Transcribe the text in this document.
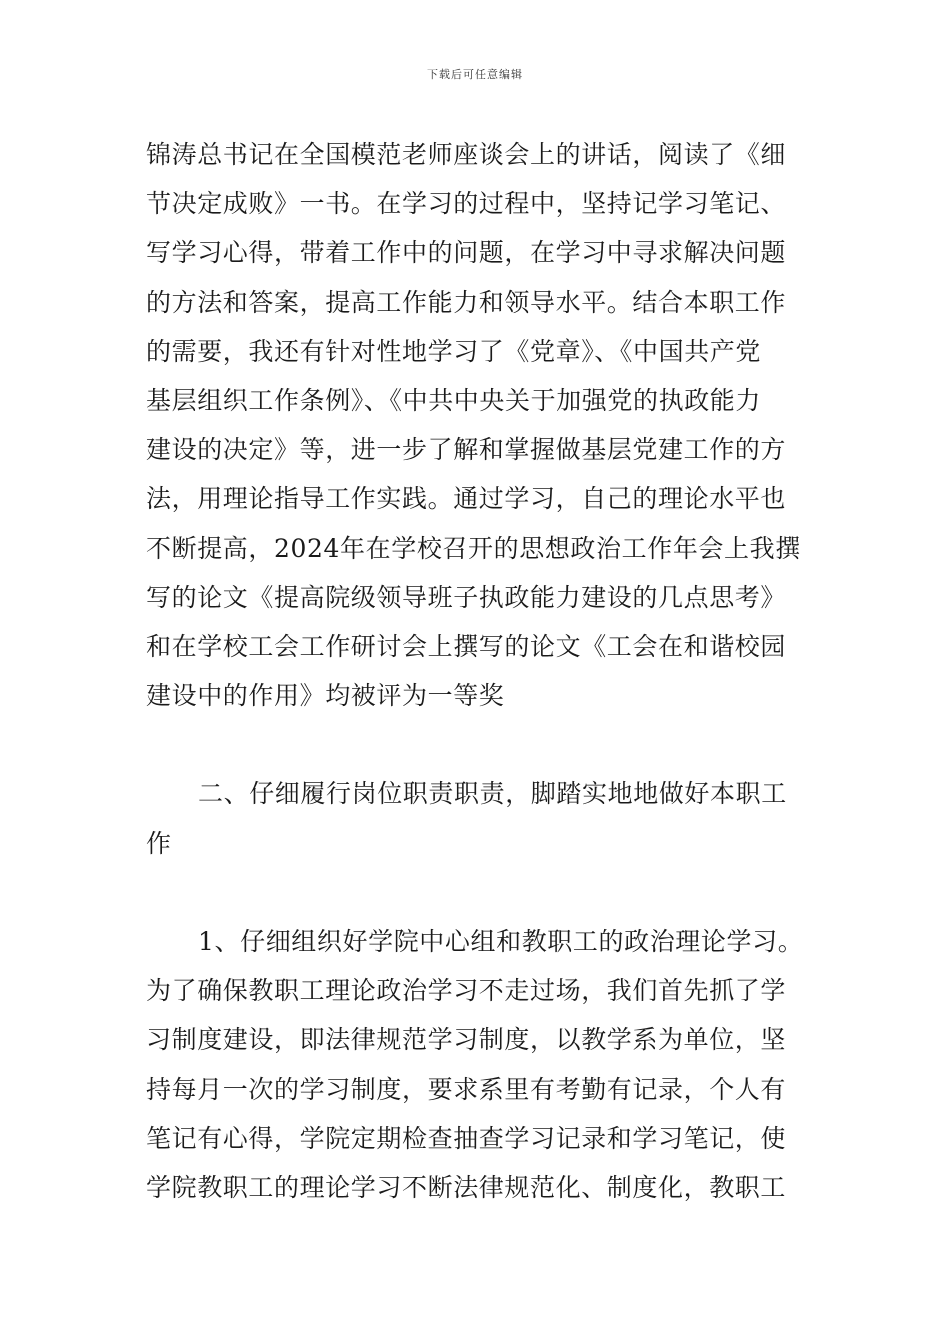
下载后可任意编辑
锦涛总书记在全国模范老师座谈会上的讲话，阅读了《细
节决定成败》一书。在学习的过程中，坚持记学习笔记、
写学习心得，带着工作中的问题，在学习中寻求解决问题
的方法和答案，提高工作能力和领导水平。结合本职工作
的需要，我还有针对性地学习了《党章》、《中国共产党
基层组织工作条例》、《中共中央关于加强党的执政能力
建设的决定》等，进一步了解和掌握做基层党建工作的方
法，用理论指导工作实践。通过学习，自己的理论水平也
不断提高，2024年在学校召开的思想政治工作年会上我撰
写的论文《提高院级领导班子执政能力建设的几点思考》
和在学校工会工作研讨会上撰写的论文《工会在和谐校园
建设中的作用》均被评为一等奖
二、仔细履行岗位职责职责，脚踏实地地做好本职工
作
1、仔细组织好学院中心组和教职工的政治理论学习。
为了确保教职工理论政治学习不走过场，我们首先抓了学
习制度建设，即法律规范学习制度，以教学系为单位，坚
持每月一次的学习制度，要求系里有考勤有记录，个人有
笔记有心得，学院定期检查抽查学习记录和学习笔记，使
学院教职工的理论学习不断法律规范化、制度化，教职工
